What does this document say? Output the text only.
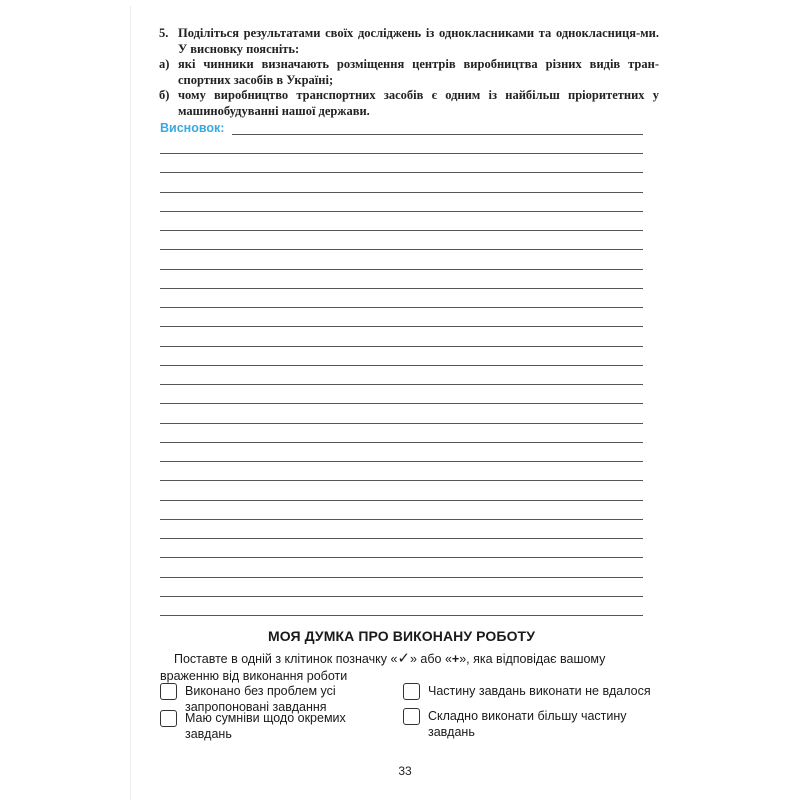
5. Поділіться результатами своїх досліджень із однокласниками та однокласниця-ми. У висновку поясніть:
а) які чинники визначають розміщення центрів виробництва різних видів тран-спортних засобів в Україні;
б) чому виробництво транспортних засобів є одним із найбільш пріоритетних у машинобудуванні нашої держави.
Висновок:
МОЯ ДУМКА ПРО ВИКОНАНУ РОБОТУ
Поставте в одній з клітинок позначку «✓» або «+», яка відповідає вашому враженню від виконання роботи
Виконано без проблем усі запропоновані завдання
Частину завдань виконати не вдалося
Маю сумніви щодо окремих завдань
Складно виконати більшу частину завдань
33
